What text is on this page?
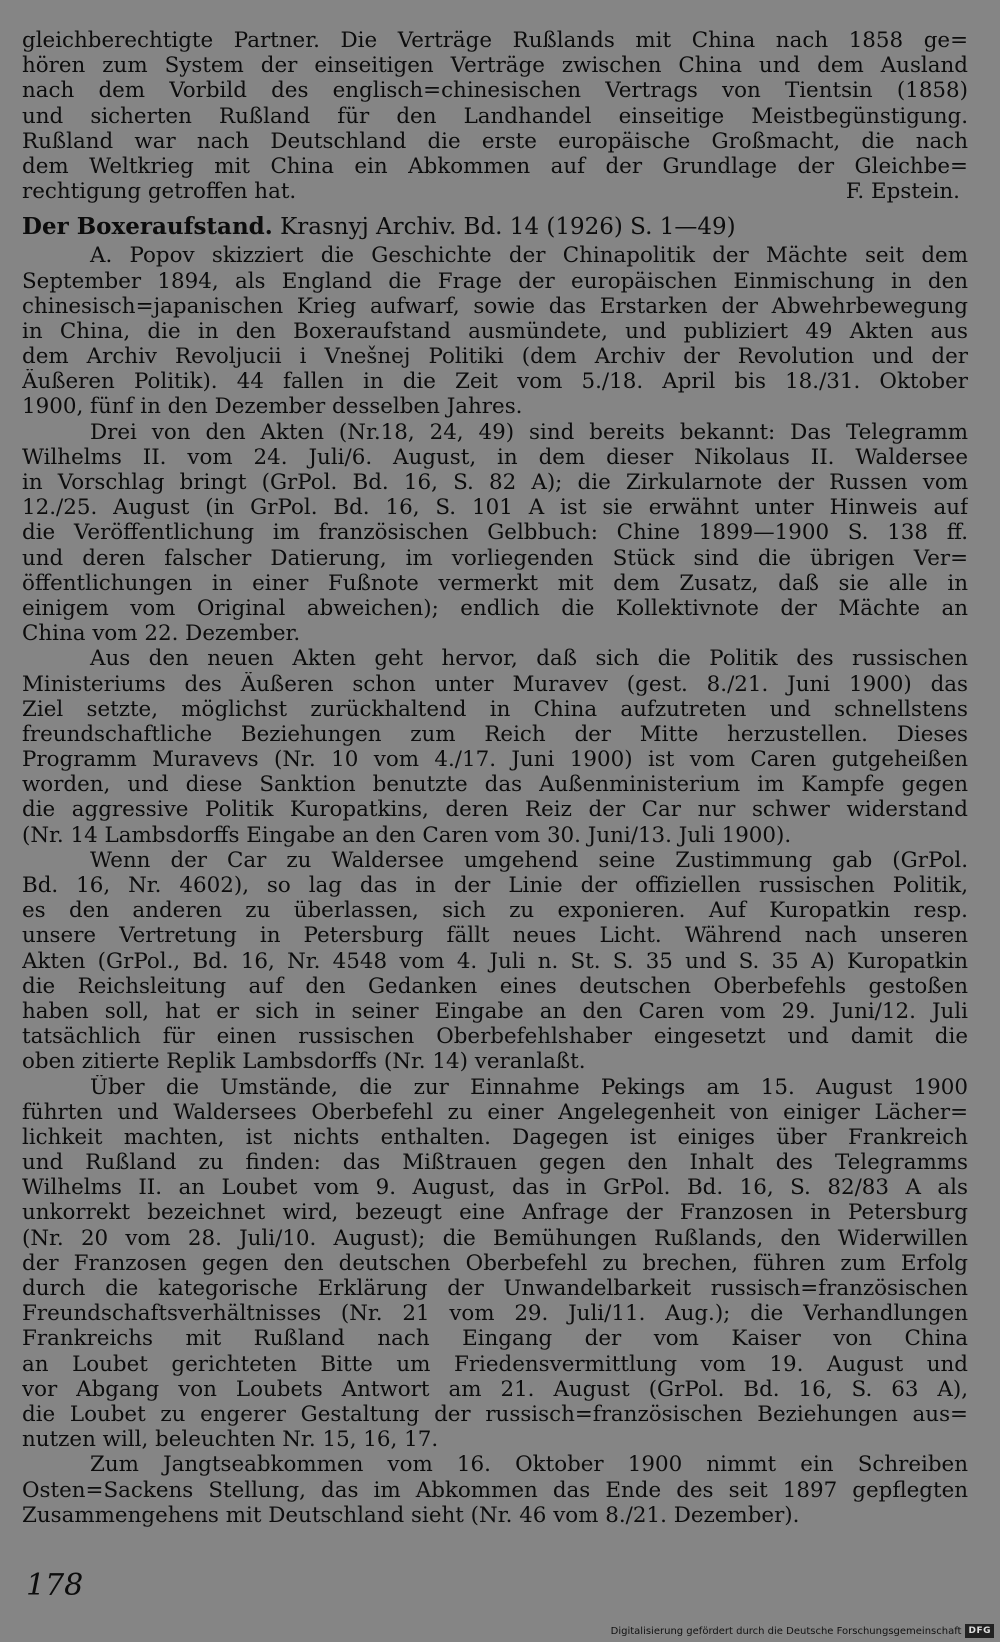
gleichberechtigte Partner. Die Verträge Rußlands mit China nach 1858 ge=
hören zum System der einseitigen Verträge zwischen China und dem Ausland
nach dem Vorbild des englisch=chinesischen Vertrags von Tientsin (1858)
und sicherten Rußland für den Landhandel einseitige Meistbegünstigung.
Rußland war nach Deutschland die erste europäische Großmacht, die nach
dem Weltkrieg mit China ein Abkommen auf der Grundlage der Gleichbe=
rechtigung getroffen hat.	F. Epstein.
Der Boxeraufstand. Krasnyj Archiv. Bd. 14 (1926) S. 1—49)
A. Popov skizziert die Geschichte der Chinapolitik der Mächte seit dem
September 1894, als England die Frage der europäischen Einmischung in den
chinesisch=japanischen Krieg aufwarf, sowie das Erstarken der Abwehrbewegung
in China, die in den Boxeraufstand ausmündete, und publiziert 49 Akten aus
dem Archiv Revoljucii i Vnešnej Politiki (dem Archiv der Revolution und der
Äußeren Politik). 44 fallen in die Zeit vom 5./18. April bis 18./31. Oktober
1900, fünf in den Dezember desselben Jahres.
Drei von den Akten (Nr.18, 24, 49) sind bereits bekannt: Das Telegramm
Wilhelms II. vom 24. Juli/6. August, in dem dieser Nikolaus II. Waldersee
in Vorschlag bringt (GrPol. Bd. 16, S. 82 A); die Zirkularnote der Russen vom
12./25. August (in GrPol. Bd. 16, S. 101 A ist sie erwähnt unter Hinweis auf
die Veröffentlichung im französischen Gelbbuch: Chine 1899—1900 S. 138 ff.
und deren falscher Datierung, im vorliegenden Stück sind die übrigen Ver=
öffentlichungen in einer Fußnote vermerkt mit dem Zusatz, daß sie alle in
einigem vom Original abweichen); endlich die Kollektivnote der Mächte an
China vom 22. Dezember.
Aus den neuen Akten geht hervor, daß sich die Politik des russischen
Ministeriums des Äußeren schon unter Muravev (gest. 8./21. Juni 1900) das
Ziel setzte, möglichst zurückhaltend in China aufzutreten und schnellstens
freundschaftliche Beziehungen zum Reich der Mitte herzustellen. Dieses
Programm Muravevs (Nr. 10 vom 4./17. Juni 1900) ist vom Caren gutgeheißen
worden, und diese Sanktion benutzte das Außenministerium im Kampfe gegen
die aggressive Politik Kuropatkins, deren Reiz der Car nur schwer widerstand
(Nr. 14 Lambsdorffs Eingabe an den Caren vom 30. Juni/13. Juli 1900).
Wenn der Car zu Waldersee umgehend seine Zustimmung gab (GrPol.
Bd. 16, Nr. 4602), so lag das in der Linie der offiziellen russischen Politik,
es den anderen zu überlassen, sich zu exponieren. Auf Kuropatkin resp.
unsere Vertretung in Petersburg fällt neues Licht. Während nach unseren
Akten (GrPol., Bd. 16, Nr. 4548 vom 4. Juli n. St. S. 35 und S. 35 A) Kuropatkin
die Reichsleitung auf den Gedanken eines deutschen Oberbefehls gestoßen
haben soll, hat er sich in seiner Eingabe an den Caren vom 29. Juni/12. Juli
tatsächlich für einen russischen Oberbefehlshaber eingesetzt und damit die
oben zitierte Replik Lambsdorffs (Nr. 14) veranlaßt.
Über die Umstände, die zur Einnahme Pekings am 15. August 1900
führten und Waldersees Oberbefehl zu einer Angelegenheit von einiger Lächer=
lichkeit machten, ist nichts enthalten. Dagegen ist einiges über Frankreich
und Rußland zu finden: das Mißtrauen gegen den Inhalt des Telegramms
Wilhelms II. an Loubet vom 9. August, das in GrPol. Bd. 16, S. 82/83 A als
unkorrekt bezeichnet wird, bezeugt eine Anfrage der Franzosen in Petersburg
(Nr. 20 vom 28. Juli/10. August); die Bemühungen Rußlands, den Widerwillen
der Franzosen gegen den deutschen Oberbefehl zu brechen, führen zum Erfolg
durch die kategorische Erklärung der Unwandelbarkeit russisch=französischen
Freundschaftsverhältnisses (Nr. 21 vom 29. Juli/11. Aug.); die Verhandlungen
Frankreichs mit Rußland nach Eingang der vom Kaiser von China
an Loubet gerichteten Bitte um Friedensvermittlung vom 19. August und
vor Abgang von Loubets Antwort am 21. August (GrPol. Bd. 16, S. 63 A),
die Loubet zu engerer Gestaltung der russisch=französischen Beziehungen aus=
nutzen will, beleuchten Nr. 15, 16, 17.
Zum Jangtseabkommen vom 16. Oktober 1900 nimmt ein Schreiben
Osten=Sackens Stellung, das im Abkommen das Ende des seit 1897 gepflegten
Zusammengehens mit Deutschland sieht (Nr. 46 vom 8./21. Dezember).
178
Digitalisierung gefördert durch die Deutsche Forschungsgemeinschaft DFG
